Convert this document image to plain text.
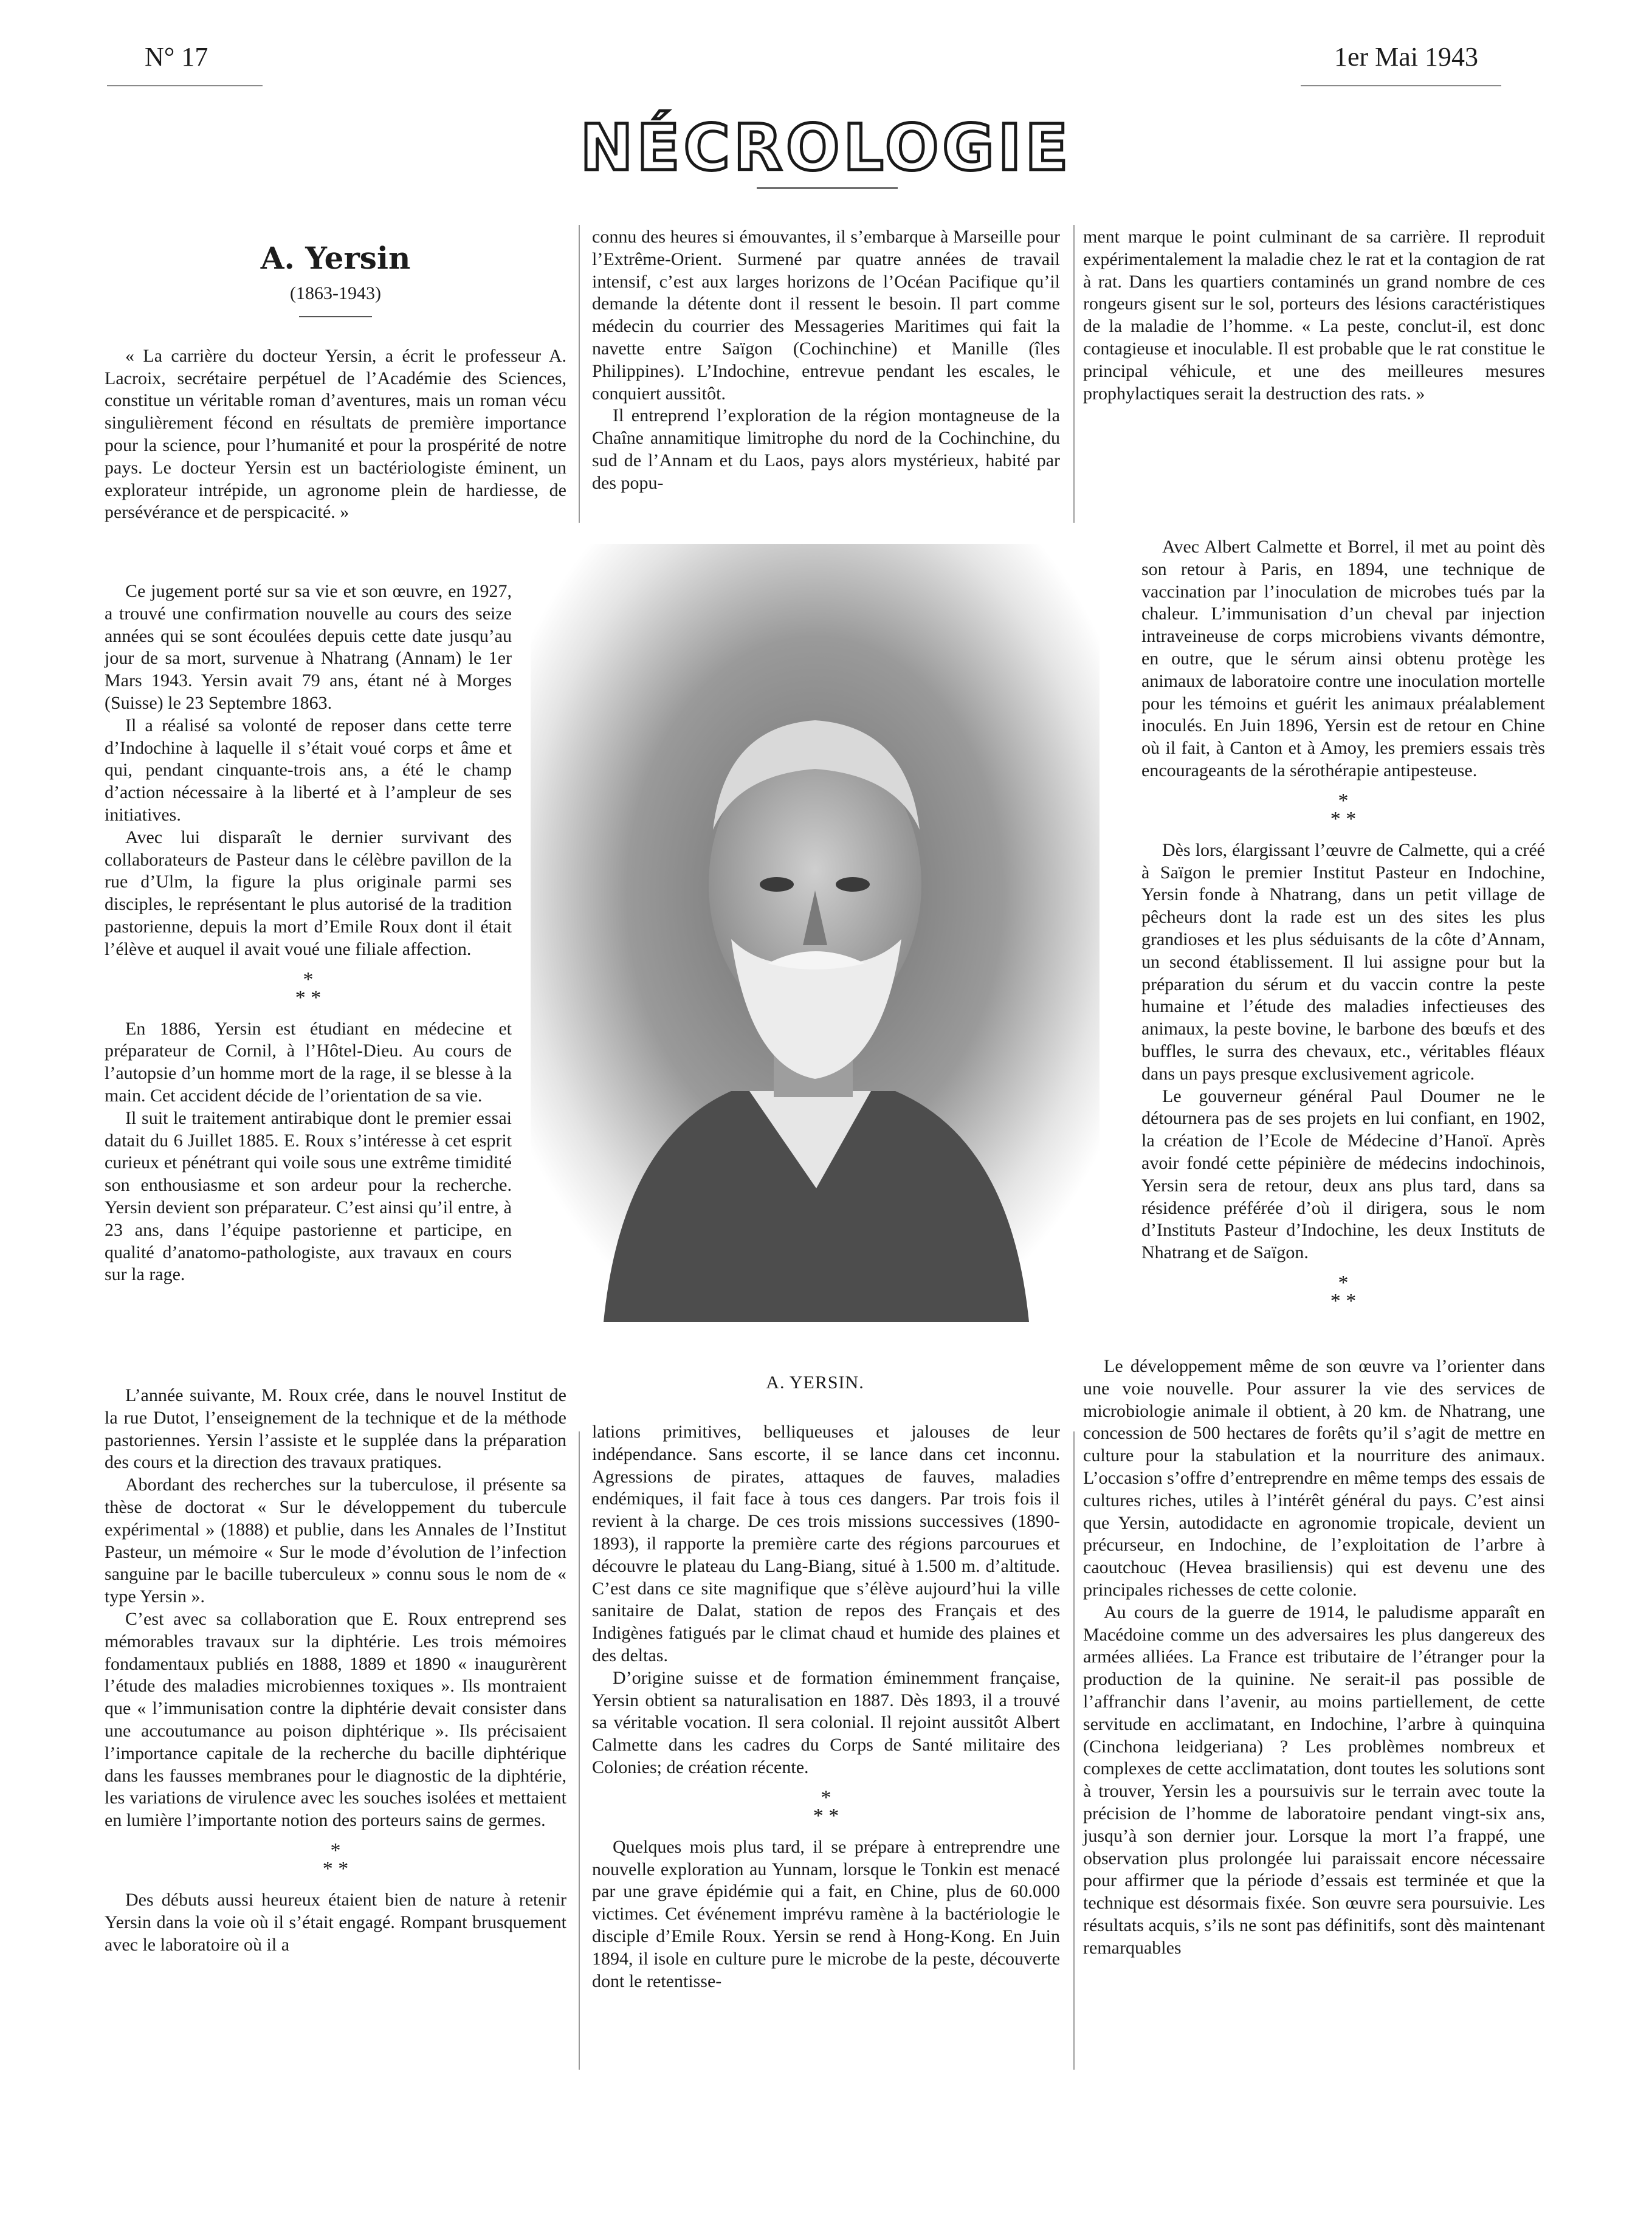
N° 17	1er Mai 1943
NÉCROLOGIE
A. Yersin
(1863-1943)

« La carrière du docteur Yersin, a écrit le professeur A. Lacroix, secrétaire perpétuel de l’Académie des Sciences, constitue un véritable roman d’aventures, mais un roman vécu singulièrement fécond en résultats de première importance pour la science, pour l’humanité et pour la prospérité de notre pays. Le docteur Yersin est un bactériologiste éminent, un explorateur intrépide, un agronome plein de hardiesse, de persévérance et de perspicacité. »

Ce jugement porté sur sa vie et son œuvre, en 1927, a trouvé une confirmation nouvelle au cours des seize années qui se sont écoulées depuis cette date jusqu’au jour de sa mort, survenue à Nhatrang (Annam) le 1er Mars 1943. Yersin avait 79 ans, étant né à Morges (Suisse) le 23 Septembre 1863.

Il a réalisé sa volonté de reposer dans cette terre d’Indochine à laquelle il s’était voué corps et âme et qui, pendant cinquante-trois ans, a été le champ d’action nécessaire à la liberté et à l’ampleur de ses initiatives.

Avec lui disparaît le dernier survivant des collaborateurs de Pasteur dans le célèbre pavillon de la rue d’Ulm, la figure la plus originale parmi ses disciples, le représentant le plus autorisé de la tradition pastorienne, depuis la mort d’Emile Roux dont il était l’élève et auquel il avait voué une filiale affection.

*
* *

En 1886, Yersin est étudiant en médecine et préparateur de Cornil, à l’Hôtel-Dieu. Au cours de l’autopsie d’un homme mort de la rage, il se blesse à la main. Cet accident décide de l’orientation de sa vie.

Il suit le traitement antirabique dont le premier essai datait du 6 Juillet 1885. E. Roux s’intéresse à cet esprit curieux et pénétrant qui voile sous une extrême timidité son enthousiasme et son ardeur pour la recherche. Yersin devient son préparateur. C’est ainsi qu’il entre, à 23 ans, dans l’équipe pastorienne et participe, en qualité d’anatomo-pathologiste, aux travaux en cours sur la rage.

L’année suivante, M. Roux crée, dans le nouvel Institut de la rue Dutot, l’enseignement de la technique et de la méthode pastoriennes. Yersin l’assiste et le supplée dans la préparation des cours et la direction des travaux pratiques.

Abordant des recherches sur la tuberculose, il présente sa thèse de doctorat « Sur le développement du tubercule expérimental » (1888) et publie, dans les Annales de l’Institut Pasteur, un mémoire « Sur le mode d’évolution de l’infection sanguine par le bacille tuberculeux » connu sous le nom de « type Yersin ».

C’est avec sa collaboration que E. Roux entreprend ses mémorables travaux sur la diphtérie. Les trois mémoires fondamentaux publiés en 1888, 1889 et 1890 « inaugurèrent l’étude des maladies microbiennes toxiques ». Ils montraient que « l’immunisation contre la diphtérie devait consister dans une accoutumance au poison diphtérique ». Ils précisaient l’importance capitale de la recherche du bacille diphtérique dans les fausses membranes pour le diagnostic de la diphtérie, les variations de virulence avec les souches isolées et mettaient en lumière l’importante notion des porteurs sains de germes.

*
* *

Des débuts aussi heureux étaient bien de nature à retenir Yersin dans la voie où il s’était engagé. Rompant brusquement avec le laboratoire où il a

connu des heures si émouvantes, il s’embarque à Marseille pour l’Extrême-Orient. Surmené par quatre années de travail intensif, c’est aux larges horizons de l’Océan Pacifique qu’il demande la détente dont il ressent le besoin. Il part comme médecin du courrier des Messageries Maritimes qui fait la navette entre Saïgon (Cochinchine) et Manille (îles Philippines). L’Indochine, entrevue pendant les escales, le conquiert aussitôt.

Il entreprend l’exploration de la région montagneuse de la Chaîne annamitique limitrophe du nord de la Cochinchine, du sud de l’Annam et du Laos, pays alors mystérieux, habité par des popu-

A. YERSIN.

lations primitives, belliqueuses et jalouses de leur indépendance. Sans escorte, il se lance dans cet inconnu. Agressions de pirates, attaques de fauves, maladies endémiques, il fait face à tous ces dangers. Par trois fois il revient à la charge. De ces trois missions successives (1890-1893), il rapporte la première carte des régions parcourues et découvre le plateau du Lang-Biang, situé à 1.500 m. d’altitude. C’est dans ce site magnifique que s’élève aujourd’hui la ville sanitaire de Dalat, station de repos des Français et des Indigènes fatigués par le climat chaud et humide des plaines et des deltas.

D’origine suisse et de formation éminemment française, Yersin obtient sa naturalisation en 1887. Dès 1893, il a trouvé sa véritable vocation. Il sera colonial. Il rejoint aussitôt Albert Calmette dans les cadres du Corps de Santé militaire des Colonies; de création récente.

*
* *

Quelques mois plus tard, il se prépare à entreprendre une nouvelle exploration au Yunnam, lorsque le Tonkin est menacé par une grave épidémie qui a fait, en Chine, plus de 60.000 victimes. Cet événement imprévu ramène à la bactériologie le disciple d’Emile Roux. Yersin se rend à Hong-Kong. En Juin 1894, il isole en culture pure le microbe de la peste, découverte dont le retentisse-

ment marque le point culminant de sa carrière. Il reproduit expérimentalement la maladie chez le rat et la contagion de rat à rat. Dans les quartiers contaminés un grand nombre de ces rongeurs gisent sur le sol, porteurs des lésions caractéristiques de la maladie de l’homme. « La peste, conclut-il, est donc contagieuse et inoculable. Il est probable que le rat constitue le principal véhicule, et une des meilleures mesures prophylactiques serait la destruction des rats. »

Avec Albert Calmette et Borrel, il met au point dès son retour à Paris, en 1894, une technique de vaccination par l’inoculation de microbes tués par la chaleur. L’immunisation d’un cheval par injection intraveineuse de corps microbiens vivants démontre, en outre, que le sérum ainsi obtenu protège les animaux de laboratoire contre une inoculation mortelle pour les témoins et guérit les animaux préalablement inoculés. En Juin 1896, Yersin est de retour en Chine où il fait, à Canton et à Amoy, les premiers essais très encourageants de la sérothérapie antipesteuse.

*
* *

Dès lors, élargissant l’œuvre de Calmette, qui a créé à Saïgon le premier Institut Pasteur en Indochine, Yersin fonde à Nhatrang, dans un petit village de pêcheurs dont la rade est un des sites les plus grandioses et les plus séduisants de la côte d’Annam, un second établissement. Il lui assigne pour but la préparation du sérum et du vaccin contre la peste humaine et l’étude des maladies infectieuses des animaux, la peste bovine, le barbone des bœufs et des buffles, le surra des chevaux, etc., véritables fléaux dans un pays presque exclusivement agricole.

Le gouverneur général Paul Doumer ne le détournera pas de ses projets en lui confiant, en 1902, la création de l’Ecole de Médecine d’Hanoï. Après avoir fondé cette pépinière de médecins indochinois, Yersin sera de retour, deux ans plus tard, dans sa résidence préférée d’où il dirigera, sous le nom d’Instituts Pasteur d’Indochine, les deux Instituts de Nhatrang et de Saïgon.

*
* *

Le développement même de son œuvre va l’orienter dans une voie nouvelle. Pour assurer la vie des services de microbiologie animale il obtient, à 20 km. de Nhatrang, une concession de 500 hectares de forêts qu’il s’agit de mettre en culture pour la stabulation et la nourriture des animaux. L’occasion s’offre d’entreprendre en même temps des essais de cultures riches, utiles à l’intérêt général du pays. C’est ainsi que Yersin, autodidacte en agronomie tropicale, devient un précurseur, en Indochine, de l’exploitation de l’arbre à caoutchouc (Hevea brasiliensis) qui est devenu une des principales richesses de cette colonie.

Au cours de la guerre de 1914, le paludisme apparaît en Macédoine comme un des adversaires les plus dangereux des armées alliées. La France est tributaire de l’étranger pour la production de la quinine. Ne serait-il pas possible de l’affranchir dans l’avenir, au moins partiellement, de cette servitude en acclimatant, en Indochine, l’arbre à quinquina (Cinchona leidgeriana) ? Les problèmes nombreux et complexes de cette acclimatation, dont toutes les solutions sont à trouver, Yersin les a poursuivis sur le terrain avec toute la précision de l’homme de laboratoire pendant vingt-six ans, jusqu’à son dernier jour. Lorsque la mort l’a frappé, une observation plus prolongée lui paraissait encore nécessaire pour affirmer que la période d’essais est terminée et que la technique est désormais fixée. Son œuvre sera poursuivie. Les résultats acquis, s’ils ne sont pas définitifs, sont dès maintenant remarquables
